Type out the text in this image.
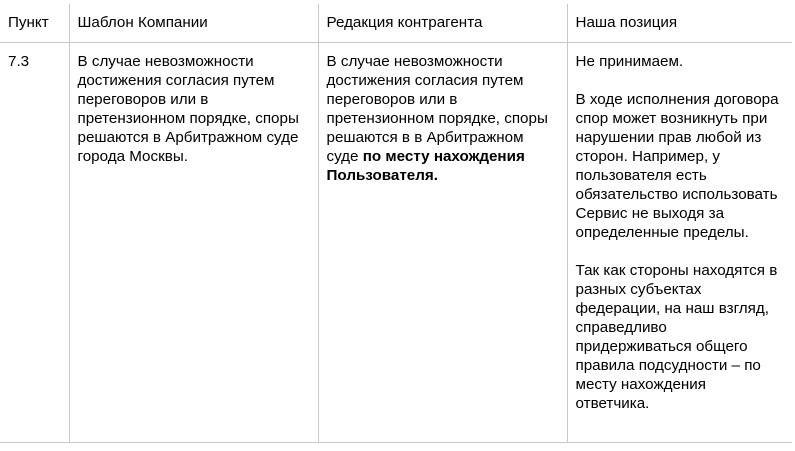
Пункт	Шаблон Компании	Редакция контрагента	Наша позиция
7.3	В случае невозможности достижения согласия путем переговоров или в претензионном порядке, споры решаются в Арбитражном суде города Москвы.	В случае невозможности достижения согласия путем переговоров или в претензионном порядке, споры решаются в в Арбитражном суде по месту нахождения Пользователя.	Не принимаем.
В ходе исполнения договора спор может возникнуть при нарушении прав любой из сторон. Например, у пользователя есть обязательство использовать Сервис не выходя за определенные пределы.
Так как стороны находятся в разных субъектах федерации, на наш взгляд, справедливо придерживаться общего правила подсудности – по месту нахождения ответчика.
